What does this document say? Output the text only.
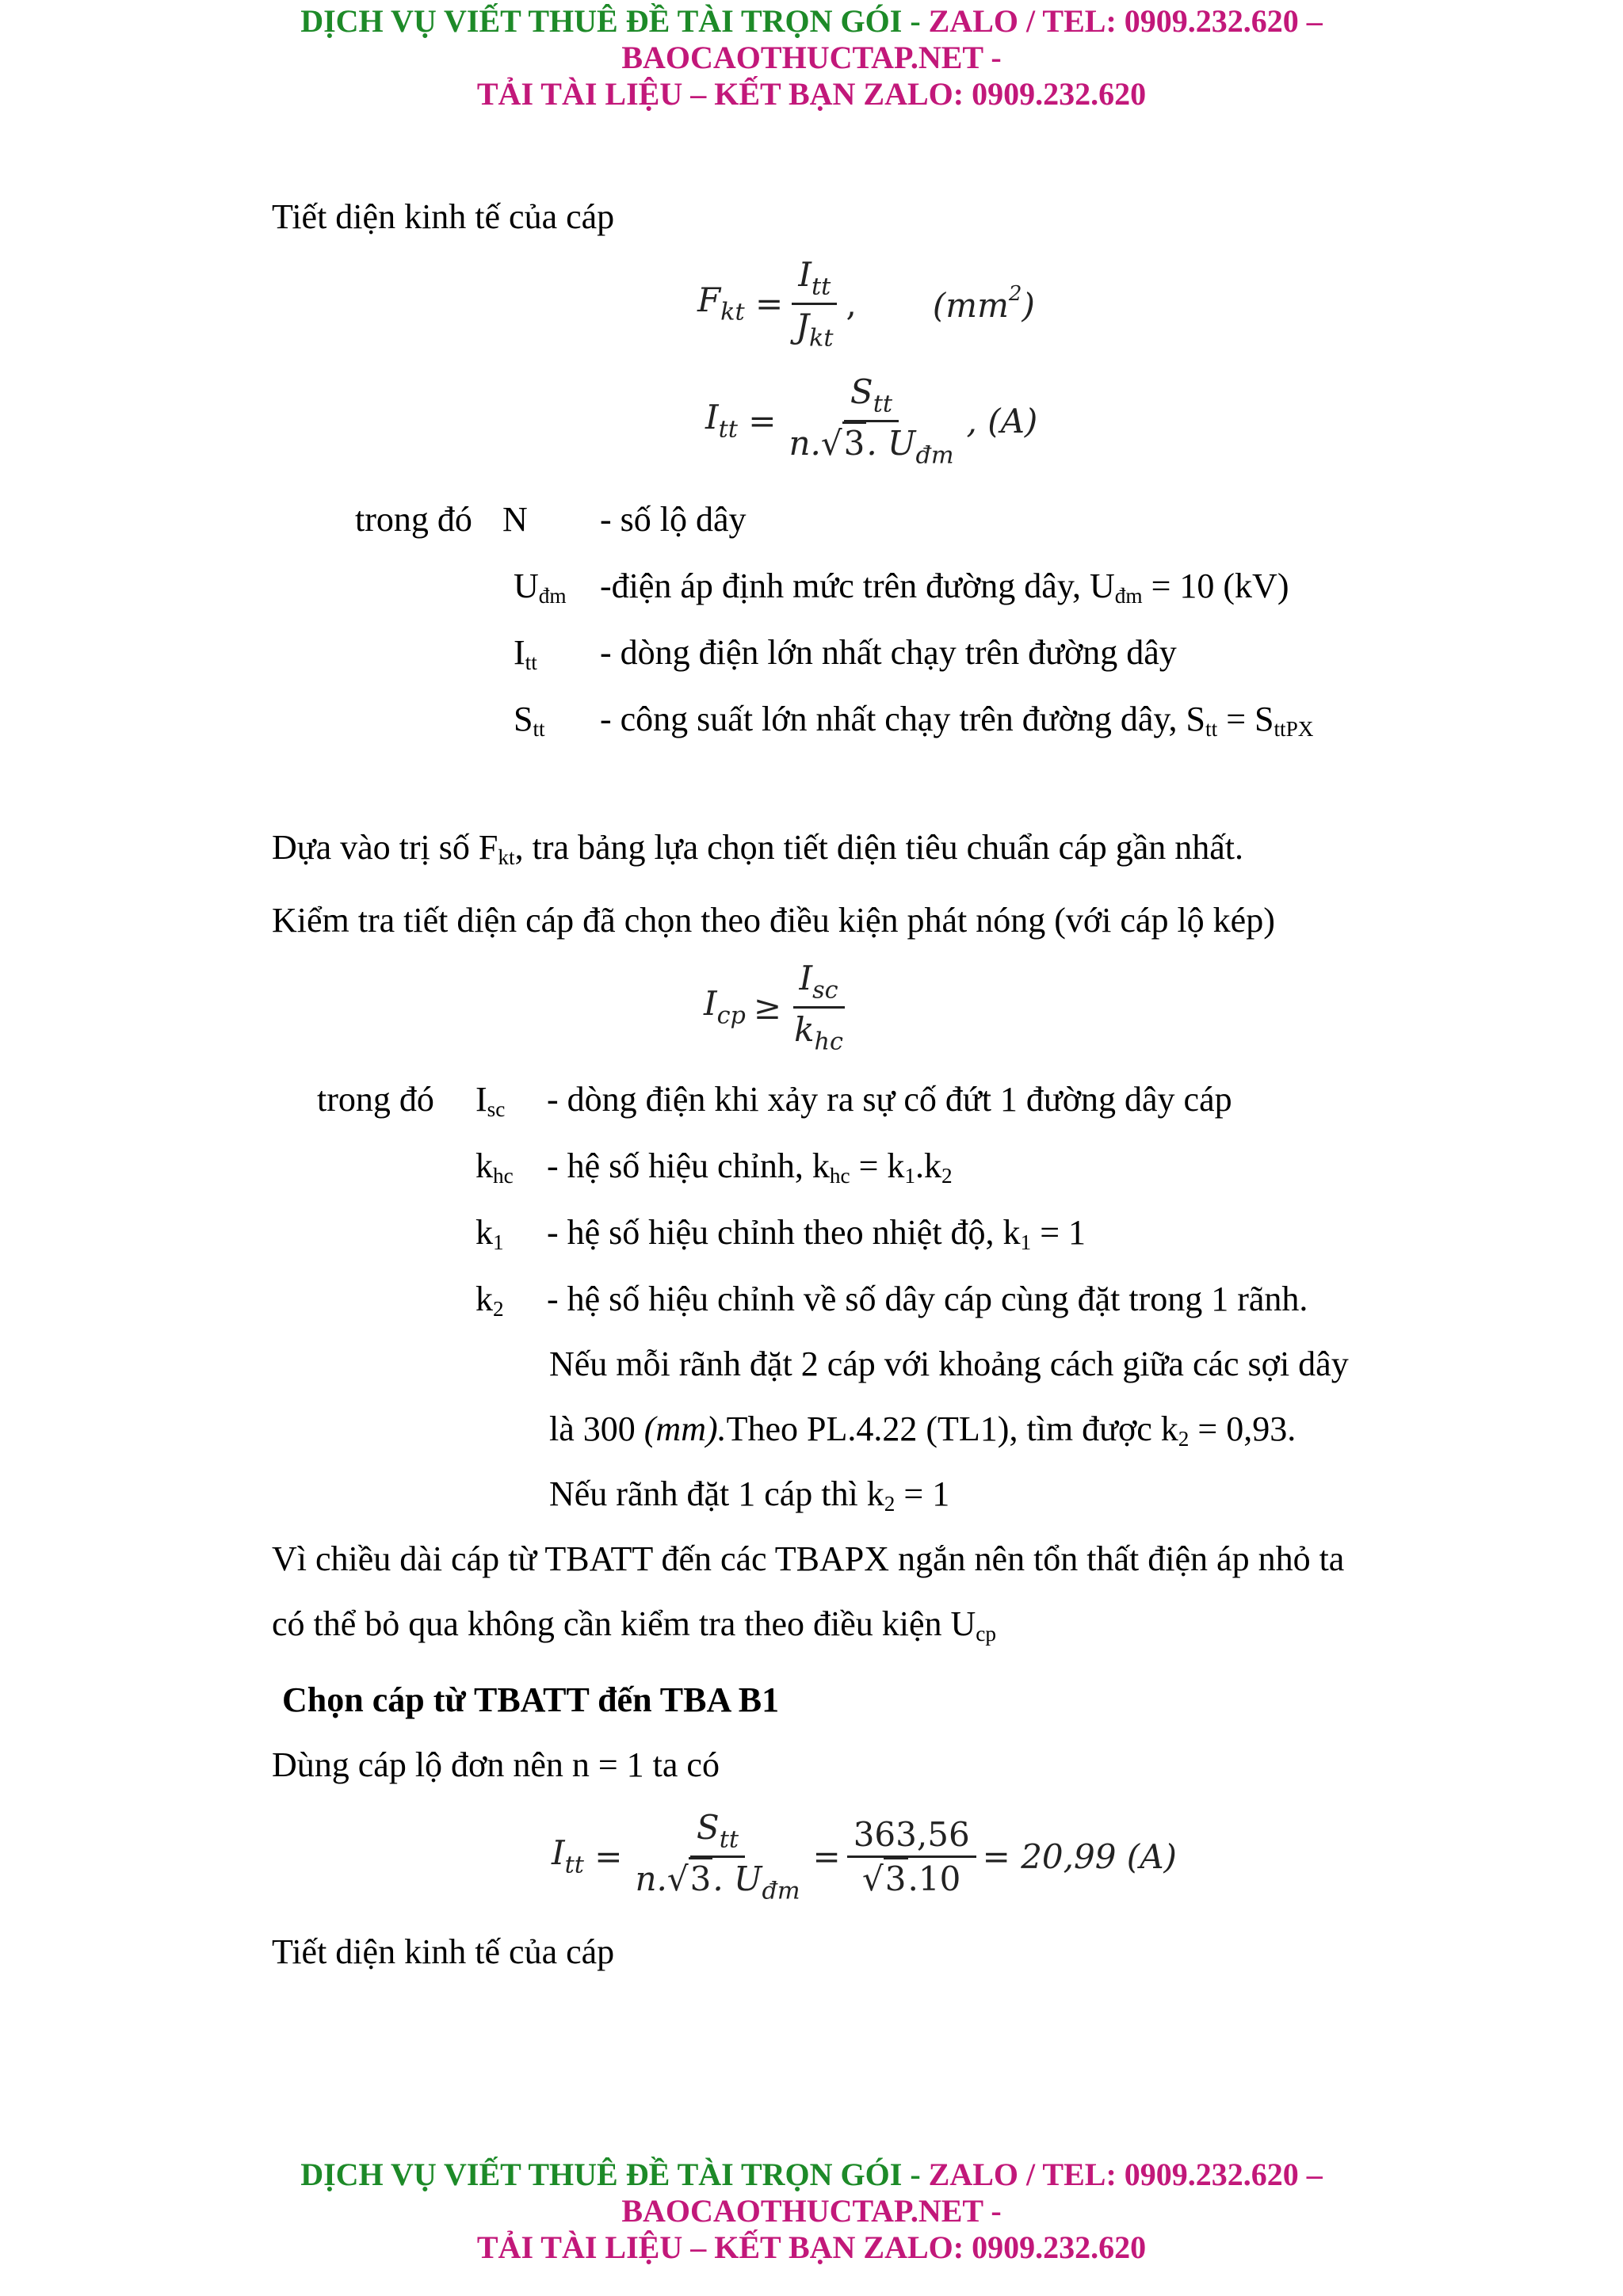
DỊCH VỤ VIẾT THUÊ ĐỀ TÀI TRỌN GÓI - ZALO / TEL: 0909.232.620 –
BAOCAOTHUCTAP.NET -
TẢI TÀI LIỆU – KẾT BẠN ZALO: 0909.232.620
Tiết diện kinh tế của cáp
$F_{kt} = \frac{I_{tt}}{J_{kt}}$ , $(mm^2)$
$I_{tt} = \frac{S_{tt}}{n.√3. U_{đm}}$ , (A)
trong đó N - số lộ dây
$U_{đm}$ -điện áp định mức trên đường dây, $U_{đm} = 10$ (kV)
$I_{tt}$ - dòng điện lớn nhất chạy trên đường dây
$S_{tt}$ - công suất lớn nhất chạy trên đường dây, $S_{tt} = S_{ttPX}$
Dựa vào trị số $F_{kt}$, tra bảng lựa chọn tiết diện tiêu chuẩn cáp gần nhất.
Kiểm tra tiết diện cáp đã chọn theo điều kiện phát nóng (với cáp lộ kép)
$I_{cp} \ge \frac{I_{sc}}{k_{hc}}$
trong đó $I_{sc}$ - dòng điện khi xảy ra sự cố đứt 1 đường dây cáp
$k_{hc}$ - hệ số hiệu chỉnh, $k_{hc} = k_1.k_2$
$k_1$ - hệ số hiệu chỉnh theo nhiệt độ, $k_1 = 1$
$k_2$ - hệ số hiệu chỉnh về số dây cáp cùng đặt trong 1 rãnh.
Nếu mỗi rãnh đặt 2 cáp với khoảng cách giữa các sợi dây
là 300 (mm).Theo PL.4.22 (TL1), tìm được $k_2 = 0,93$.
Nếu rãnh đặt 1 cáp thì $k_2 = 1$
Vì chiều dài cáp từ TBATT đến các TBAPX ngắn nên tổn thất điện áp nhỏ ta
có thể bỏ qua không cần kiểm tra theo điều kiện $U_{cp}$
Chọn cáp từ TBATT đến TBA B1
Dùng cáp lộ đơn nên n = 1 ta có
$I_{tt} = \frac{S_{tt}}{n.√3. U_{đm}} = \frac{363,56}{√3.10} = 20,99$ (A)
Tiết diện kinh tế của cáp
DỊCH VỤ VIẾT THUÊ ĐỀ TÀI TRỌN GÓI - ZALO / TEL: 0909.232.620 –
BAOCAOTHUCTAP.NET -
TẢI TÀI LIỆU – KẾT BẠN ZALO: 0909.232.620
